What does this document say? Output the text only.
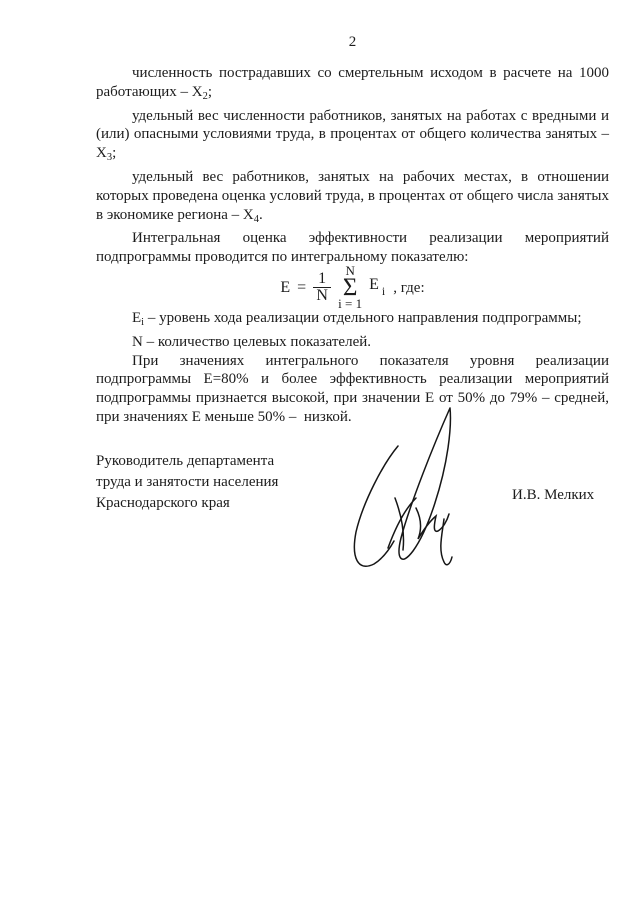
2

численность пострадавших со смертельным исходом в расчете на 1000 работающих – $Х_2$;

удельный вес численности работников, занятых на работах с вредными и (или) опасными условиями труда, в процентах от общего количества занятых – $Х_3$;

удельный вес работников, занятых на рабочих местах, в отношении которых проведена оценка условий труда, в процентах от общего числа занятых в экономике региона – $Х_4$.

Интегральная оценка эффективности реализации мероприятий

подпрограммы проводится по интегральному показателю:

$Е = \frac{1}{N}$ N
Σ
i = 1
Е $_i$ , где:

$Е_i$ – уровень хода реализации отдельного направления подпрограммы;

N – количество целевых показателей.

При значениях интегрального показателя уровня реализации

подпрограммы Е=80% и более эффективность реализации мероприятий подпрограммы признается высокой, при значении Е от 50% до 79% – средней, при значениях Е меньше 50% –  низкой.

Руководитель департамента
труда и занятости населения
Краснодарского края	И.В. Мелких
